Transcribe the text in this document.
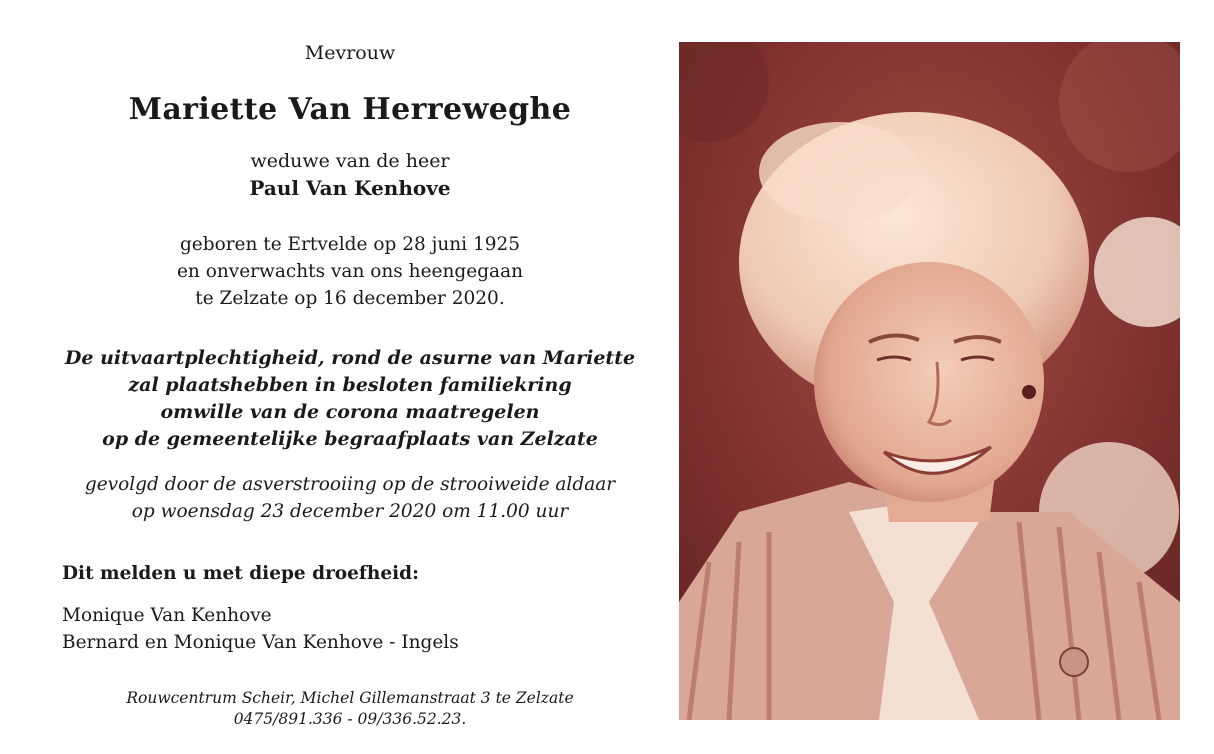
Mevrouw
Mariette Van Herreweghe
weduwe van de heer
Paul Van Kenhove
geboren te Ertvelde op 28 juni 1925
en onverwachts van ons heengegaan
te Zelzate op 16 december 2020.
De uitvaartplechtigheid, rond de asurne van Mariette
zal plaatshebben in besloten familiekring
omwille van de corona maatregelen
op de gemeentelijke begraafplaats van Zelzate
gevolgd door de asverstrooiing op de strooiweide aldaar
op woensdag 23 december 2020 om 11.00 uur
Dit melden u met diepe droefheid:
Monique Van Kenhove
Bernard en Monique Van Kenhove - Ingels
Rouwcentrum Scheir, Michel Gillemanstraat 3 te Zelzate
0475/891.336 - 09/336.52.23.
